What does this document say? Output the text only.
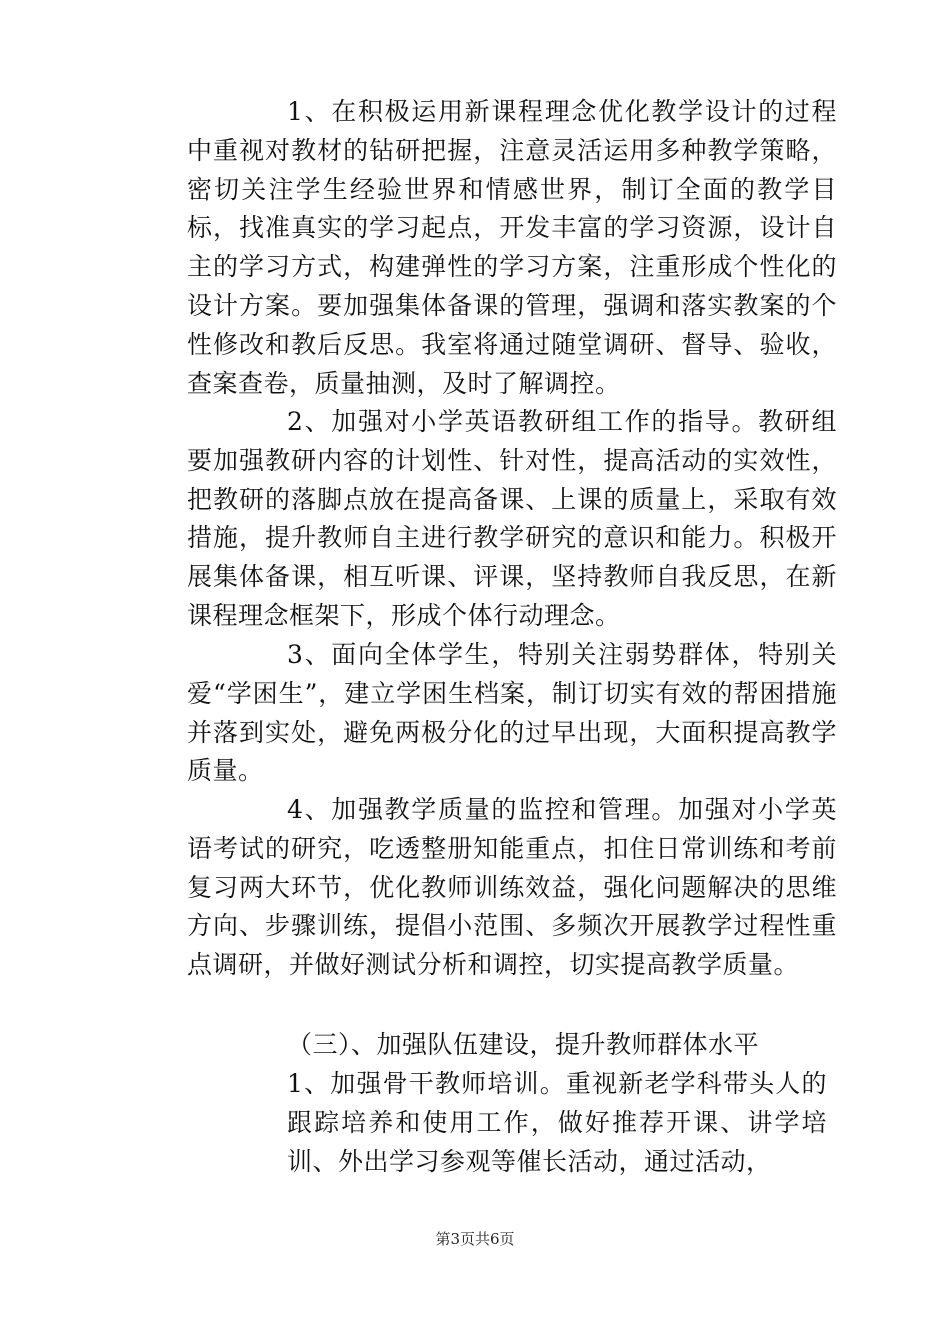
1、在积极运用新课程理念优化教学设计的过程中重视对教材的钻研把握，注意灵活运用多种教学策略，密切关注学生经验世界和情感世界，制订全面的教学目标，找准真实的学习起点，开发丰富的学习资源，设计自主的学习方式，构建弹性的学习方案，注重形成个性化的设计方案。要加强集体备课的管理，强调和落实教案的个性修改和教后反思。我室将通过随堂调研、督导、验收，查案查卷，质量抽测，及时了解调控。

2、加强对小学英语教研组工作的指导。教研组要加强教研内容的计划性、针对性，提高活动的实效性，把教研的落脚点放在提高备课、上课的质量上，采取有效措施，提升教师自主进行教学研究的意识和能力。积极开展集体备课，相互听课、评课，坚持教师自我反思，在新课程理念框架下，形成个体行动理念。

3、面向全体学生，特别关注弱势群体，特别关爱“学困生”，建立学困生档案，制订切实有效的帮困措施并落到实处，避免两极分化的过早出现，大面积提高教学质量。

4、加强教学质量的监控和管理。加强对小学英语考试的研究，吃透整册知能重点，扣住日常训练和考前复习两大环节，优化教师训练效益，强化问题解决的思维方向、步骤训练，提倡小范围、多频次开展教学过程性重点调研，并做好测试分析和调控，切实提高教学质量。

（三）、加强队伍建设，提升教师群体水平

1、加强骨干教师培训。重视新老学科带头人的跟踪培养和使用工作，做好推荐开课、讲学培训、外出学习参观等催长活动，通过活动，

第3页共6页
